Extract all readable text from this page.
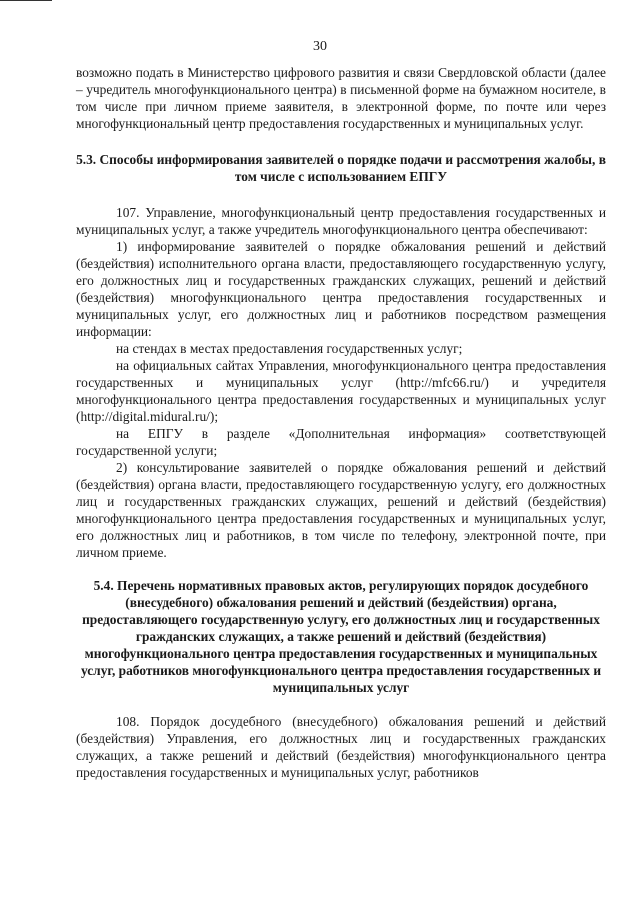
30

возможно подать в Министерство цифрового развития и связи Свердловской области (далее – учредитель многофункционального центра) в письменной форме на бумажном носителе, в том числе при личном приеме заявителя, в электронной форме, по почте или через многофункциональный центр предоставления государственных и муниципальных услуг.

5.3. Способы информирования заявителей о порядке подачи и рассмотрения жалобы, в том числе с использованием ЕПГУ

107. Управление, многофункциональный центр предоставления государственных и муниципальных услуг, а также учредитель многофункционального центра обеспечивают:

1) информирование заявителей о порядке обжалования решений и действий (бездействия) исполнительного органа власти, предоставляющего государственную услугу, его должностных лиц и государственных гражданских служащих, решений и действий (бездействия) многофункционального центра предоставления государственных и муниципальных услуг, его должностных лиц и работников посредством размещения информации:

на стендах в местах предоставления государственных услуг;

на официальных сайтах Управления, многофункционального центра предоставления государственных и муниципальных услуг (http://mfc66.ru/) и учредителя многофункционального центра предоставления государственных и муниципальных услуг (http://digital.midural.ru/);

на ЕПГУ в разделе «Дополнительная информация» соответствующей государственной услуги;

2) консультирование заявителей о порядке обжалования решений и действий (бездействия) органа власти, предоставляющего государственную услугу, его должностных лиц и государственных гражданских служащих, решений и действий (бездействия) многофункционального центра предоставления государственных и муниципальных услуг, его должностных лиц и работников, в том числе по телефону, электронной почте, при личном приеме.

5.4. Перечень нормативных правовых актов, регулирующих порядок досудебного (внесудебного) обжалования решений и действий (бездействия) органа, предоставляющего государственную услугу, его должностных лиц и государственных гражданских служащих, а также решений и действий (бездействия) многофункционального центра предоставления государственных и муниципальных услуг, работников многофункционального центра предоставления государственных и муниципальных услуг

108. Порядок досудебного (внесудебного) обжалования решений и действий (бездействия) Управления, его должностных лиц и государственных гражданских служащих, а также решений и действий (бездействия) многофункционального центра предоставления государственных и муниципальных услуг, работников
